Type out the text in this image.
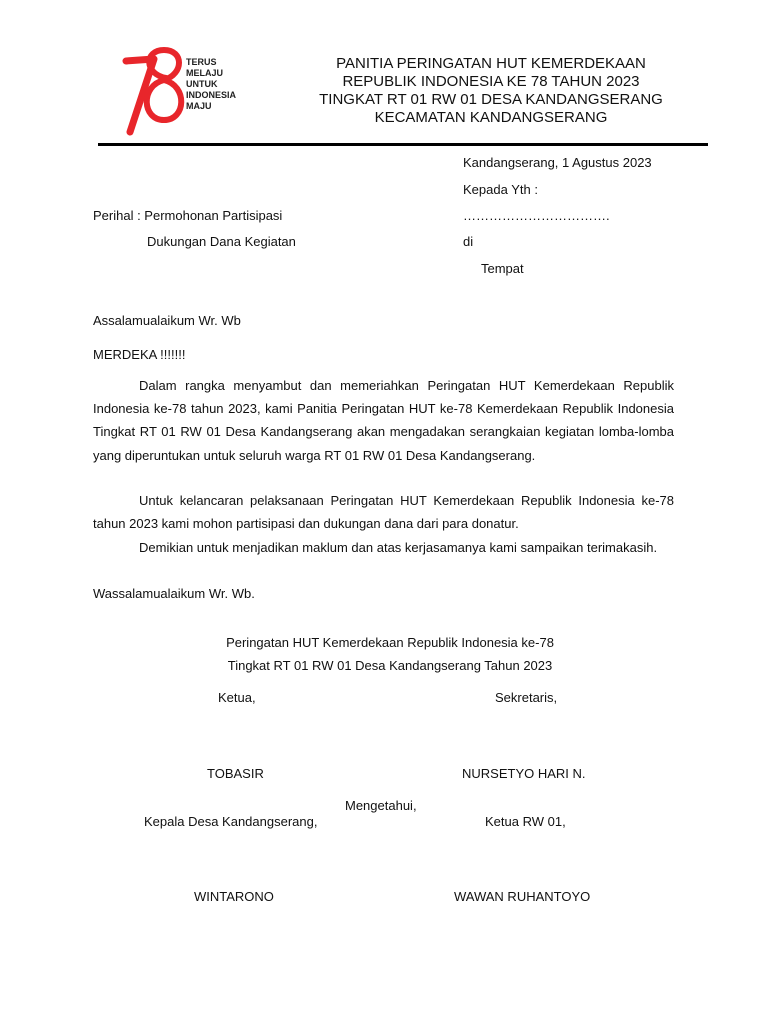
TERUS
MELAJU
UNTUK
INDONESIA
MAJU
PANITIA PERINGATAN HUT KEMERDEKAAN
REPUBLIK INDONESIA KE 78 TAHUN 2023
TINGKAT RT 01 RW 01 DESA KANDANGSERANG
KECAMATAN KANDANGSERANG
Kandangserang, 1 Agustus 2023
Kepada Yth :
…………………………….
di
Tempat
Perihal : Permohonan Partisipasi
Dukungan Dana Kegiatan
Assalamualaikum Wr. Wb
MERDEKA !!!!!!!
Dalam rangka menyambut dan memeriahkan Peringatan HUT Kemerdekaan Republik Indonesia ke-78 tahun 2023, kami Panitia Peringatan HUT ke-78 Kemerdekaan Republik Indonesia Tingkat RT 01 RW 01 Desa Kandangserang akan mengadakan serangkaian kegiatan lomba-lomba yang diperuntukan untuk seluruh warga RT 01 RW 01 Desa Kandangserang.
Untuk kelancaran pelaksanaan Peringatan HUT Kemerdekaan Republik Indonesia ke-78 tahun 2023 kami mohon partisipasi dan dukungan dana dari para donatur.
Demikian untuk menjadikan maklum dan atas kerjasamanya kami sampaikan terimakasih.
Wassalamualaikum Wr. Wb.
Peringatan HUT Kemerdekaan Republik Indonesia ke-78
Tingkat RT 01 RW 01 Desa Kandangserang Tahun 2023
Ketua,	Sekretaris,
TOBASIR	NURSETYO HARI N.
Mengetahui,
Kepala Desa Kandangserang,	Ketua RW 01,
WINTARONO	WAWAN RUHANTOYO
